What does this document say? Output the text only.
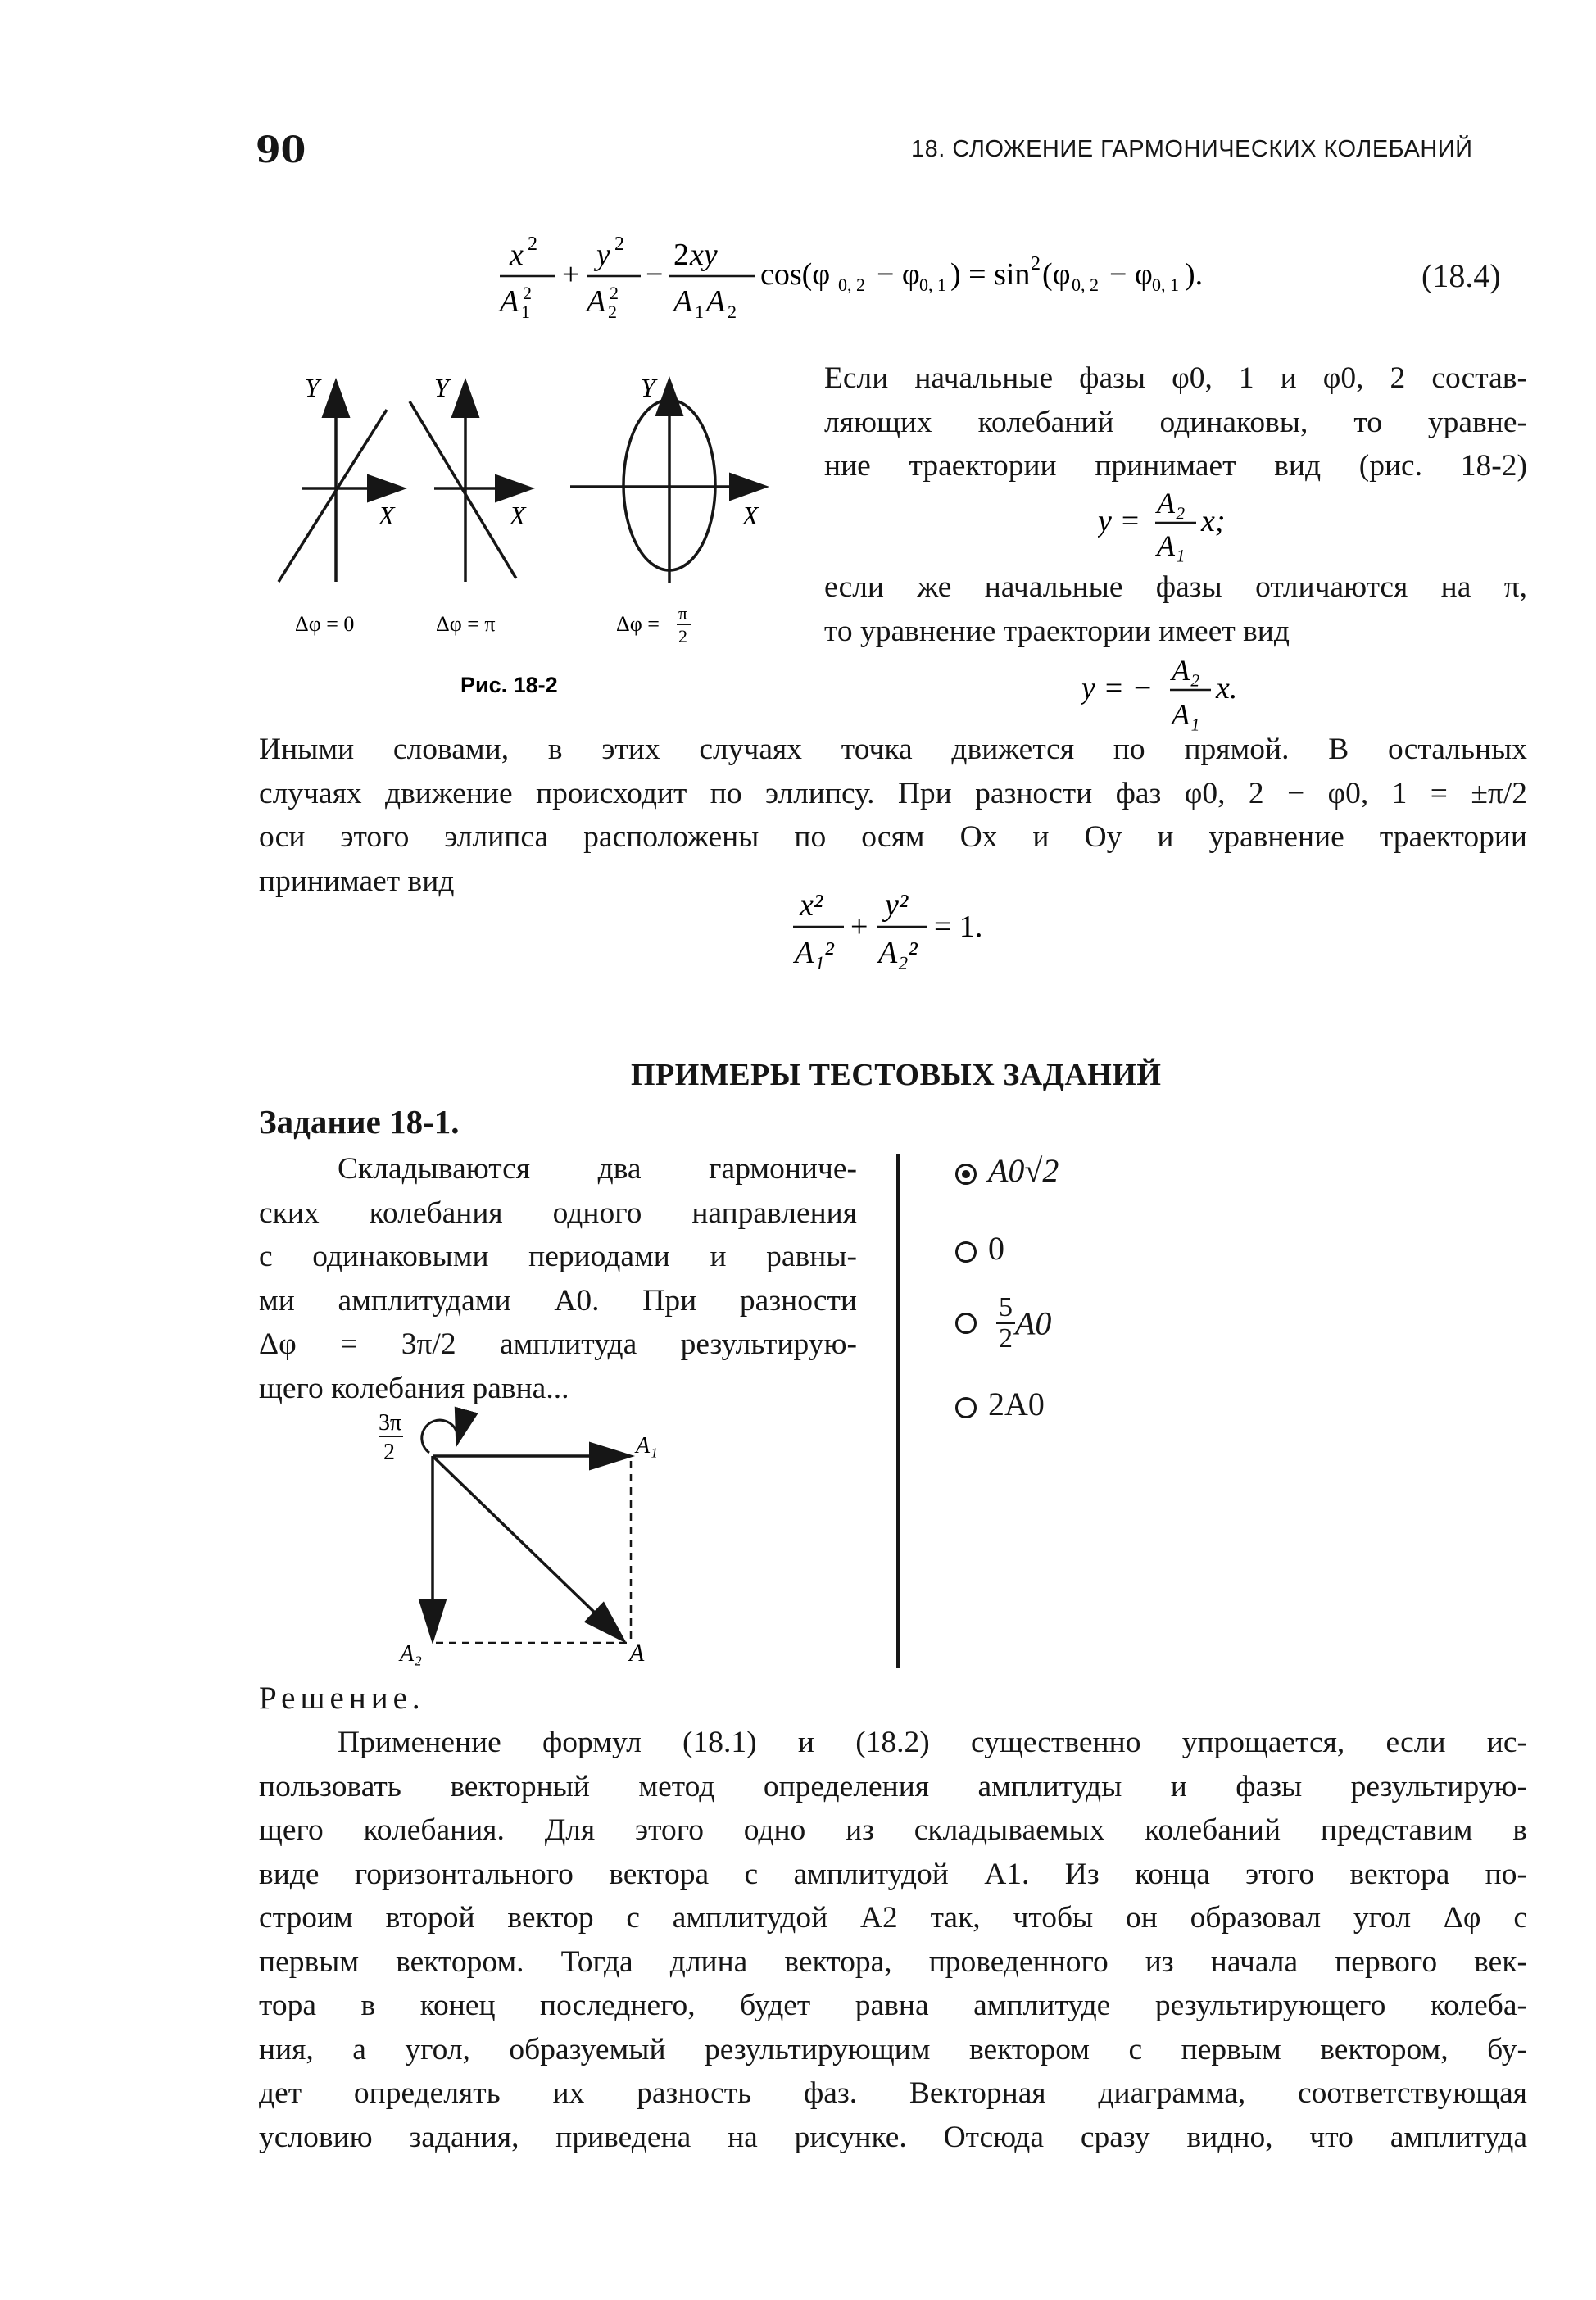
90	18. СЛОЖЕНИЕ ГАРМОНИЧЕСКИХ КОЛЕБАНИЙ
x 2
A 1
2
+
y 2
A 2
2
−
2 xy
A 1 A 2
cos(φ 0, 2 − φ 0, 1 ) = sin 2 (φ 0, 2 − φ 0, 1 ).	(18.4)
Y
X
Δφ = 0
Y
X
Δφ = π
Y
X
Δφ = π
2
Рис. 18-2
Если начальные фазы φ0, 1 и φ0, 2 состав-
ляющих колебаний одинаковы, то уравне-
ние траектории принимает вид (рис. 18-2)
y =
A₂
A₁
x;
если же начальные фазы отличаются на π,
то уравнение траектории имеет вид
y = −
A₂
A₁
x.
Иными словами, в этих случаях точка движется по прямой. В остальных
случаях движение происходит по эллипсу. При разности фаз φ0, 2 − φ0, 1 = ±π/2
оси этого эллипса расположены по осям Ox и Oy и уравнение траектории
принимает вид
x²
A₁²
+
y²
A₂²
= 1.
ПРИМЕРЫ ТЕСТОВЫХ ЗАДАНИЙ
Задание 18-1.
Складываются два гармониче-
ских колебания одного направления
с одинаковыми периодами и равны-
ми амплитудами A0. При разности
Δφ = 3π/2 амплитуда результирую-
щего колебания равна...
A0√2
0

$\frac{5}{2} A0$
2A0
3π
2	A₁
A₂	A
Решение.
Применение формул (18.1) и (18.2) существенно упрощается, если ис-
пользовать векторный метод определения амплитуды и фазы результирую-
щего колебания. Для этого одно из складываемых колебаний представим в
виде горизонтального вектора с амплитудой A1. Из конца этого вектора по-
строим второй вектор с амплитудой A2 так, чтобы он образовал угол Δφ с
первым вектором. Тогда длина вектора, проведенного из начала первого век-
тора в конец последнего, будет равна амплитуде результирующего колеба-
ния, а угол, образуемый результирующим вектором с первым вектором, бу-
дет определять их разность фаз. Векторная диаграмма, соответствующая
условию задания, приведена на рисунке. Отсюда сразу видно, что амплитуда
